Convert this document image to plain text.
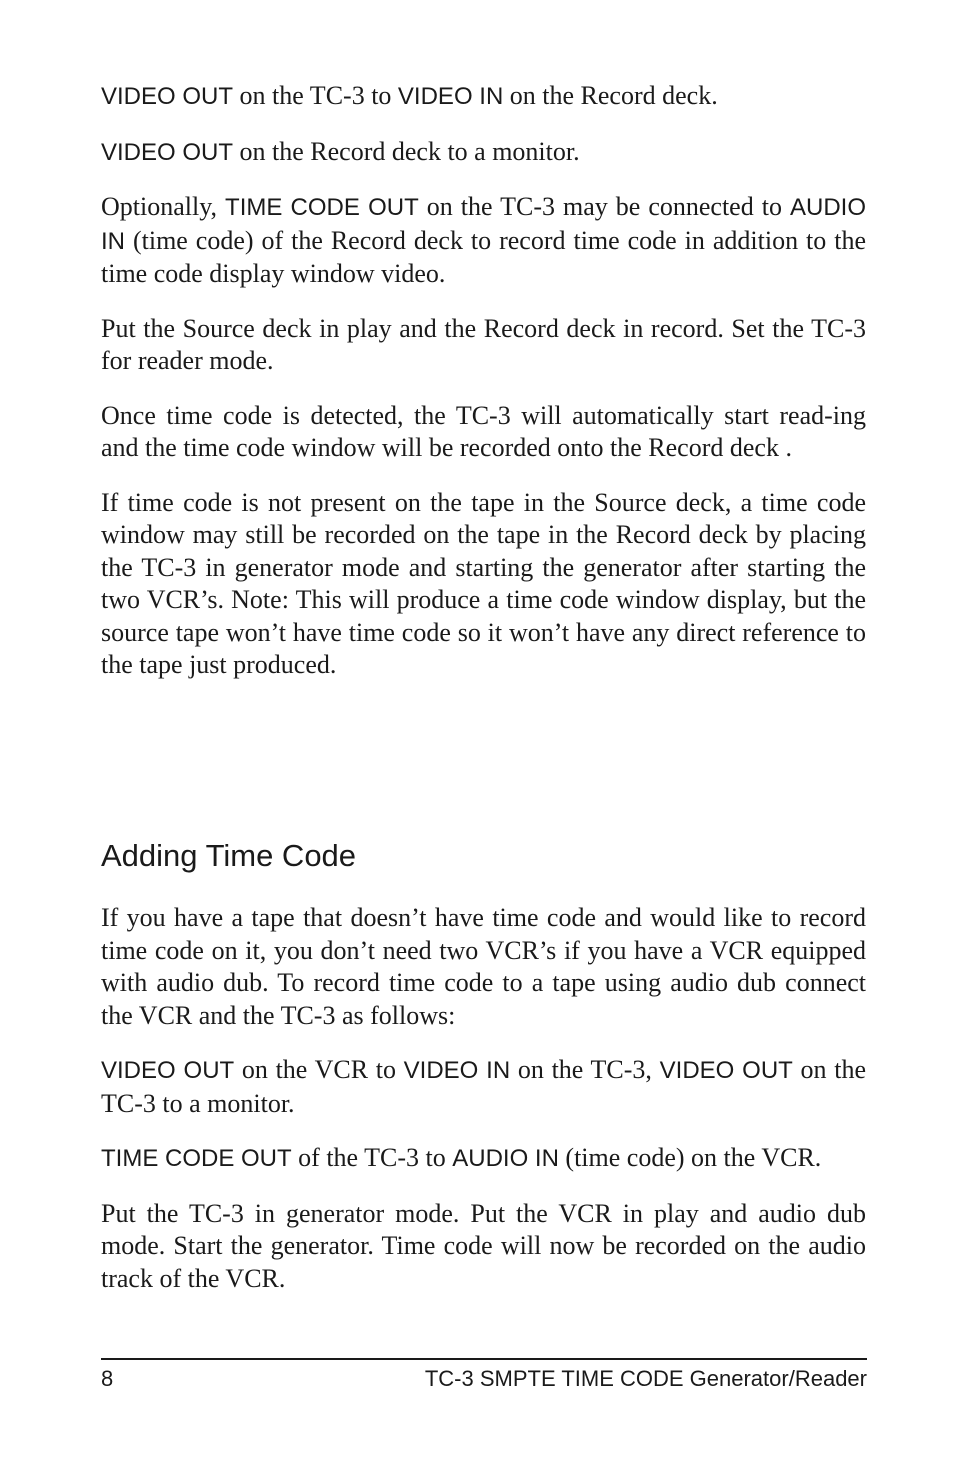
VIDEO OUT on the TC-3 to VIDEO IN on the Record deck.

VIDEO OUT on the Record deck to a monitor.

Optionally, TIME CODE OUT on the TC-3 may be connected to AUDIO IN (time code) of the Record deck to record time code in addition to the time code display window video.

Put the Source deck in play and the Record deck in record. Set the TC-3 for reader mode.

Once time code is detected, the TC-3 will automatically start read-ing and the time code window will be recorded onto the Record deck .

If time code is not present on the tape in the Source deck, a time code window may still be recorded on the tape in the Record deck by placing the TC-3 in generator mode and starting the generator after starting the two VCR’s. Note: This will produce a time code window display, but the source tape won’t have time code so it won’t have any direct reference to the tape just produced.

Adding Time Code

If you have a tape that doesn’t have time code and would like to record time code on it, you don’t need two VCR’s if you have a VCR equipped with audio dub. To record time code to a tape using audio dub connect the VCR and the TC-3 as follows:

VIDEO OUT on the VCR to VIDEO IN on the TC-3, VIDEO OUT on the TC-3 to a monitor.

TIME CODE OUT of the TC-3 to AUDIO IN (time code) on the VCR.

Put the TC-3 in generator mode. Put the VCR in play and audio dub mode. Start the generator. Time code will now be recorded on the audio track of the VCR.

8	TC-3 SMPTE TIME CODE Generator/Reader
